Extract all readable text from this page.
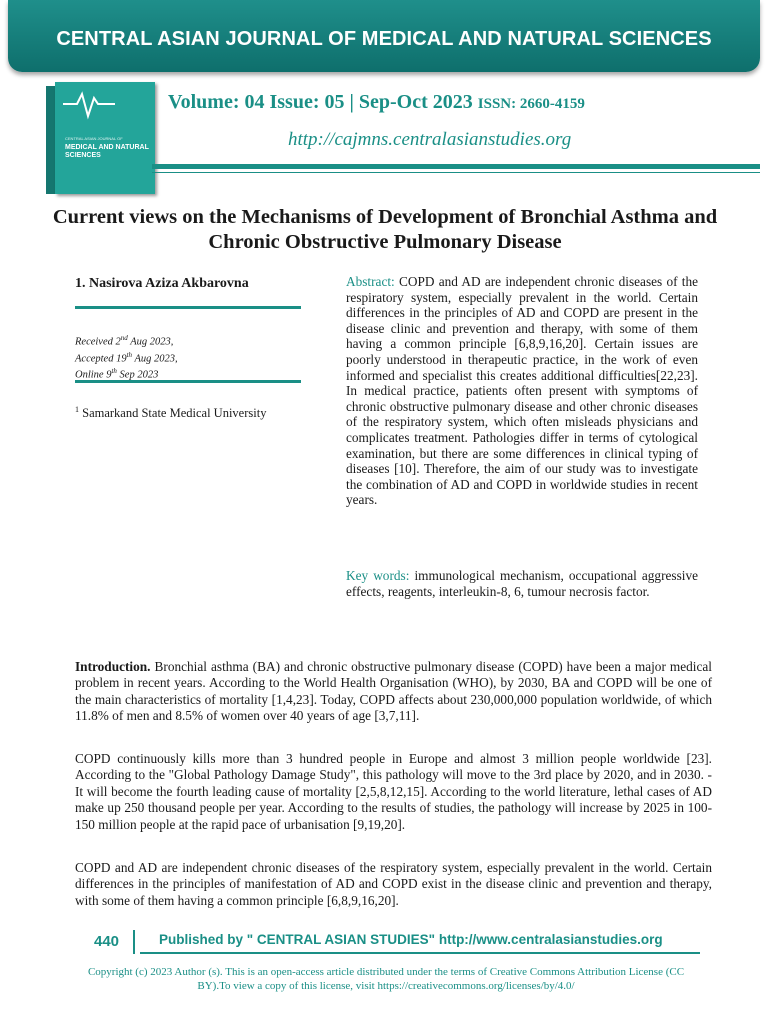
CENTRAL ASIAN JOURNAL OF MEDICAL AND NATURAL SCIENCES
CENTRAL ASIAN JOURNAL OF
MEDICAL AND NATURAL SCIENCES
Volume: 04 Issue: 05 | Sep-Oct 2023 ISSN: 2660-4159
http://cajmns.centralasianstudies.org
Current views on the Mechanisms of Development of Bronchial Asthma and Chronic Obstructive Pulmonary Disease
1. Nasirova Aziza Akbarovna
Received 2nd Aug 2023,
Accepted 19th Aug 2023,
Online 9th Sep 2023
$^1$ Samarkand State Medical University
Abstract: COPD and AD are independent chronic diseases of the respiratory system, especially prevalent in the world. Certain differences in the principles of AD and COPD are present in the disease clinic and prevention and therapy, with some of them having a common principle [6,8,9,16,20]. Certain issues are poorly understood in therapeutic practice, in the work of even informed and specialist this creates additional difficulties[22,23]. In medical practice, patients often present with symptoms of chronic obstructive pulmonary disease and other chronic diseases of the respiratory system, which often misleads physicians and complicates treatment. Pathologies differ in terms of cytological examination, but there are some differences in clinical typing of diseases [10]. Therefore, the aim of our study was to investigate the combination of AD and COPD in worldwide studies in recent years.
Key words: immunological mechanism, occupational aggressive effects, reagents, interleukin-8, 6, tumour necrosis factor.
Introduction. Bronchial asthma (BA) and chronic obstructive pulmonary disease (COPD) have been a major medical problem in recent years. According to the World Health Organisation (WHO), by 2030, BA and COPD will be one of the main characteristics of mortality [1,4,23]. Today, COPD affects about 230,000,000 population worldwide, of which 11.8% of men and 8.5% of women over 40 years of age [3,7,11].
COPD continuously kills more than 3 hundred people in Europe and almost 3 million people worldwide [23]. According to the "Global Pathology Damage Study", this pathology will move to the 3rd place by 2020, and in 2030. -It will become the fourth leading cause of mortality [2,5,8,12,15]. According to the world literature, lethal cases of AD make up 250 thousand people per year. According to the results of studies, the pathology will increase by 2025 in 100-150 million people at the rapid pace of urbanisation [9,19,20].
COPD and AD are independent chronic diseases of the respiratory system, especially prevalent in the world. Certain differences in the principles of manifestation of AD and COPD exist in the disease clinic and prevention and therapy, with some of them having a common principle [6,8,9,16,20].
440	Published by " CENTRAL ASIAN STUDIES" http://www.centralasianstudies.org
Copyright (c) 2023 Author (s). This is an open-access article distributed under the terms of Creative Commons Attribution License (CC BY).To view a copy of this license, visit https://creativecommons.org/licenses/by/4.0/
